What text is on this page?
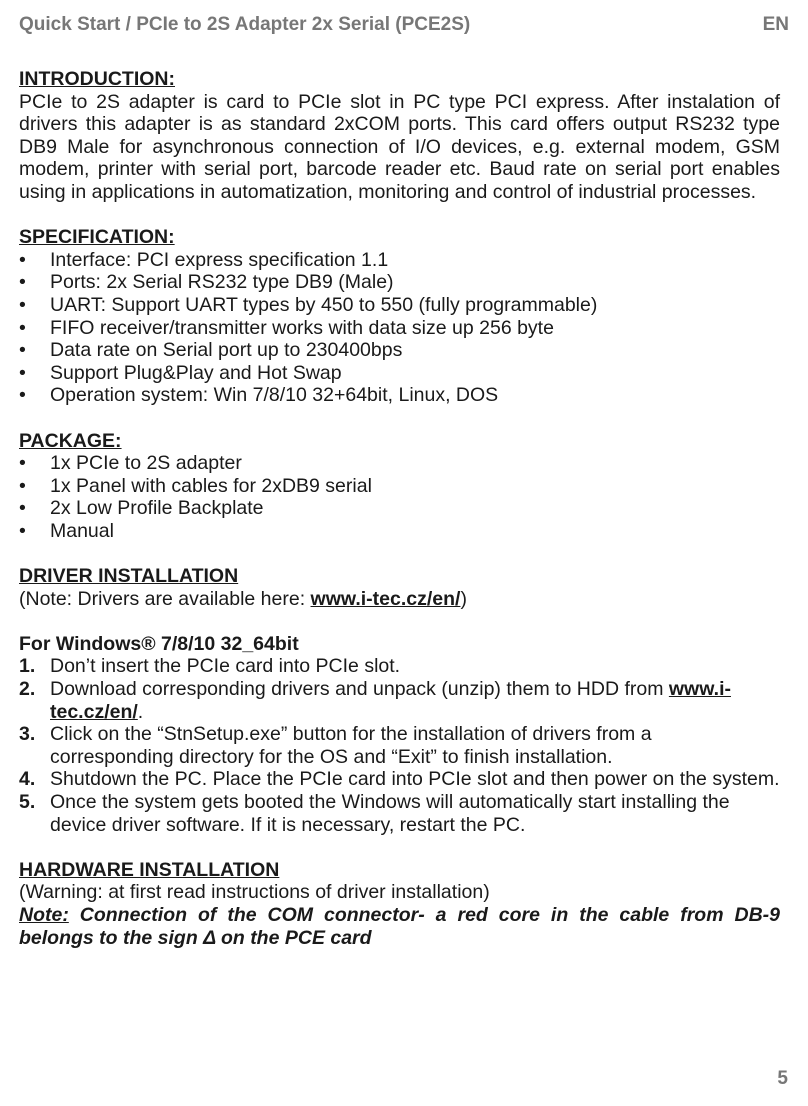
Quick Start / PCIe to 2S Adapter 2x Serial (PCE2S)	EN

INTRODUCTION:

PCIe to 2S adapter is card to PCIe slot in PC type PCI express. After instalation of drivers this adapter is as standard 2xCOM ports. This card offers output RS232 type DB9 Male for asynchronous connection of I/O devices, e.g. external modem, GSM modem, printer with serial port, barcode reader etc. Baud rate on serial port enables using in applications in automatization, monitoring and control of industrial processes.

SPECIFICATION:

• Interface: PCI express specification 1.1
• Ports: 2x Serial RS232 type DB9 (Male)
• UART: Support UART types by 450 to 550 (fully programmable)
• FIFO receiver/transmitter works with data size up 256 byte
• Data rate on Serial port up to 230400bps
• Support Plug&Play and Hot Swap
• Operation system: Win 7/8/10 32+64bit, Linux, DOS

PACKAGE:

• 1x PCIe to 2S adapter
• 1x Panel with cables for 2xDB9 serial
• 2x Low Profile Backplate
• Manual

DRIVER INSTALLATION

(Note: Drivers are available here: www.i-tec.cz/en/)

For Windows® 7/8/10 32_64bit

1. Don’t insert the PCIe card into PCIe slot.
2. Download corresponding drivers and unpack (unzip) them to HDD from www.i-tec.cz/en/.
3. Click on the “StnSetup.exe” button for the installation of drivers from a corresponding directory for the OS and “Exit” to finish installation.
4. Shutdown the PC. Place the PCIe card into PCIe slot and then power on the system.
5. Once the system gets booted the Windows will automatically start installing the device driver software. If it is necessary, restart the PC.

HARDWARE INSTALLATION

(Warning: at first read instructions of driver installation)

Note: Connection of the COM connector- a red core in the cable from DB-9 belongs to the sign Δ on the PCE card

5
